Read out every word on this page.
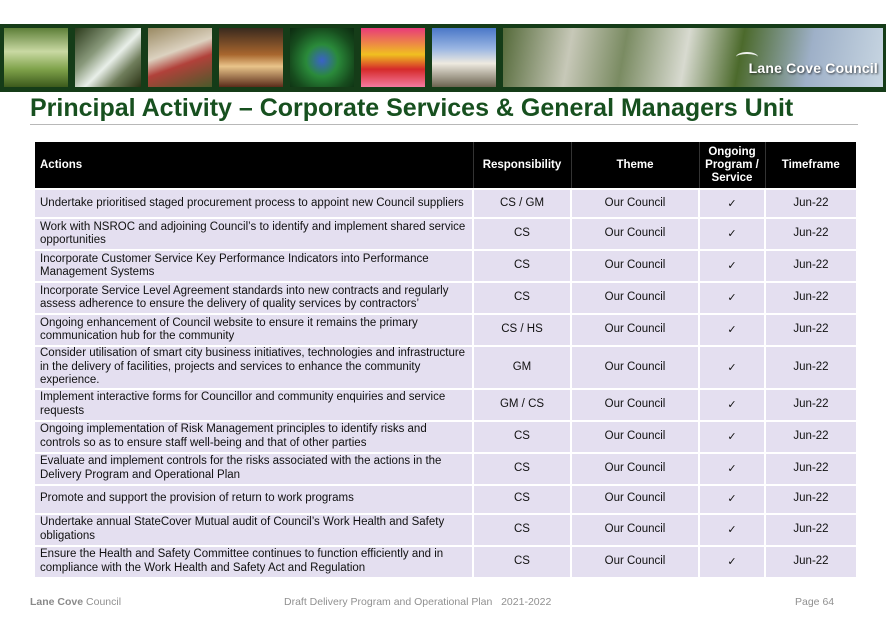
Lane Cove Council
Principal Activity – Corporate Services & General Managers Unit
Actions	Responsibility	Theme	Ongoing Program / Service	Timeframe
Undertake prioritised staged procurement process to appoint new Council suppliers	CS / GM	Our Council	✓	Jun-22
Work with NSROC and adjoining Council’s to identify and implement shared service opportunities	CS	Our Council	✓	Jun-22
Incorporate Customer Service Key Performance Indicators into Performance Management Systems	CS	Our Council	✓	Jun-22
Incorporate Service Level Agreement standards into new contracts and regularly assess adherence to ensure the delivery of quality services by contractors’	CS	Our Council	✓	Jun-22
Ongoing enhancement of Council website to ensure it remains the primary communication hub for the community	CS / HS	Our Council	✓	Jun-22
Consider utilisation of smart city business initiatives, technologies and infrastructure in the delivery of facilities, projects and services to enhance the community experience.	GM	Our Council	✓	Jun-22
Implement interactive forms for Councillor and community enquiries and service requests	GM / CS	Our Council	✓	Jun-22
Ongoing implementation of Risk Management principles to identify risks and controls so as to ensure staff well-being and that of other parties	CS	Our Council	✓	Jun-22
Evaluate and implement controls for the risks associated with the actions in the Delivery Program and Operational Plan	CS	Our Council	✓	Jun-22
Promote and support the provision of return to work programs	CS	Our Council	✓	Jun-22
Undertake annual StateCover Mutual audit of Council’s Work Health and Safety obligations	CS	Our Council	✓	Jun-22
Ensure the Health and Safety Committee continues to function efficiently and in compliance with the Work Health and Safety Act and Regulation	CS	Our Council	✓	Jun-22
Lane Cove Council	Draft Delivery Program and Operational Plan   2021-2022	Page 64
